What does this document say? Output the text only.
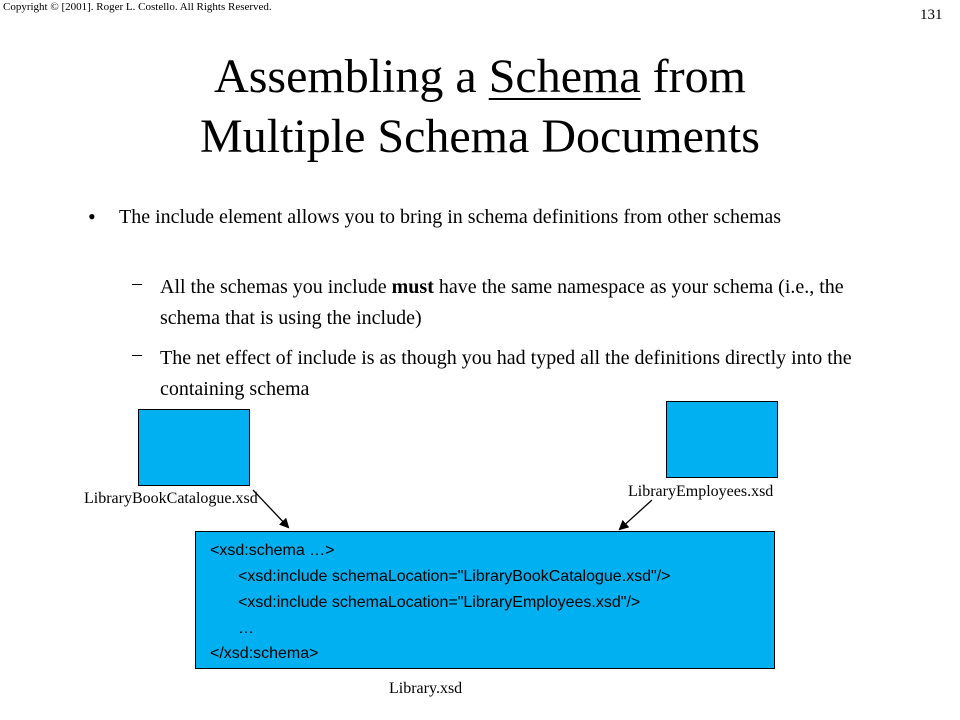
Copyright © [2001]. Roger L. Costello. All Rights Reserved.	131
Assembling a Schema from
Multiple Schema Documents
• The include element allows you to bring in schema definitions from other schemas
– All the schemas you include must have the same namespace as your schema (i.e., the schema that is using the include)
– The net effect of include is as though you had typed all the definitions directly into the containing schema
LibraryBookCatalogue.xsd	LibraryEmployees.xsd
<xsd:schema …>
<xsd:include schemaLocation="LibraryBookCatalogue.xsd"/>
<xsd:include schemaLocation="LibraryEmployees.xsd"/>
…
</xsd:schema>
Library.xsd
